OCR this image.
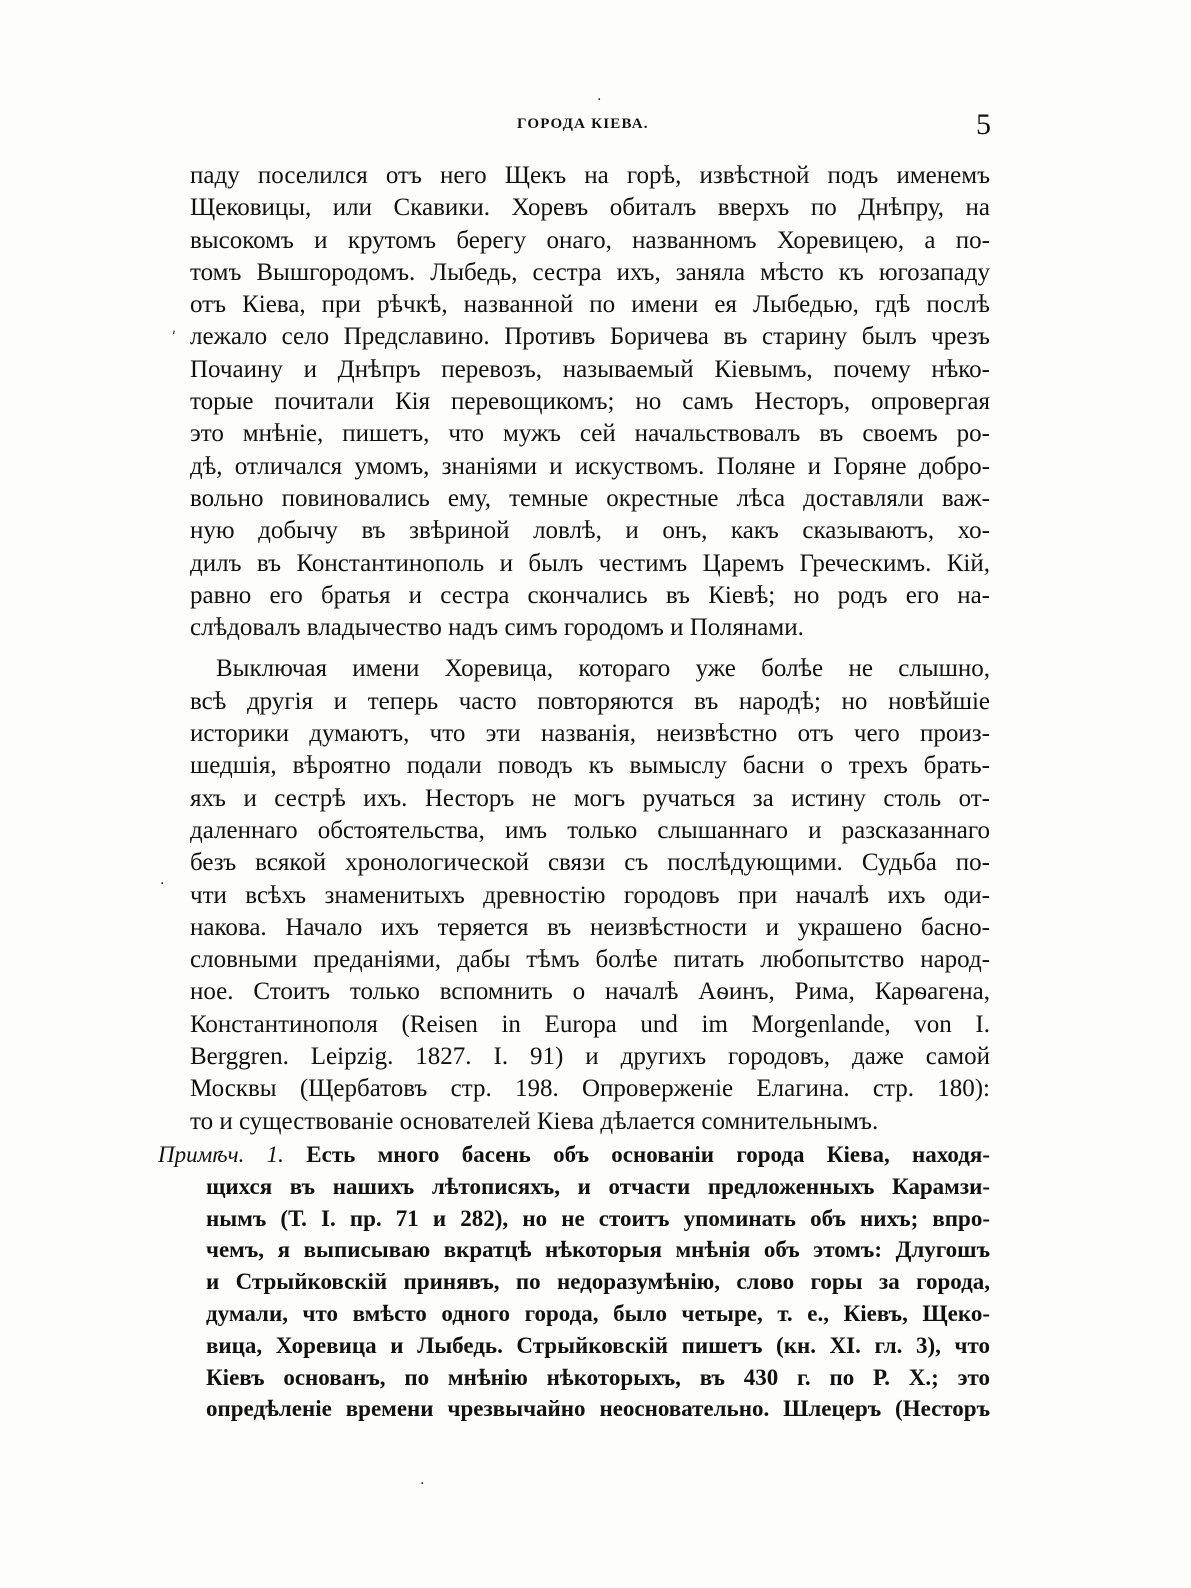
ГОРОДА КІЕВА.	5
паду поселился отъ него Щекъ на горѣ, извѣстной подъ именемъ
Щековицы, или Скавики. Хоревъ обиталъ вверхъ по Днѣпру, на
высокомъ и крутомъ берегу онаго, названномъ Хоревицею, а по-
томъ Вышгородомъ. Лыбедь, сестра ихъ, заняла мѣсто къ югозападу
отъ Кіева, при рѣчкѣ, названной по имени ея Лыбедью, гдѣ послѣ
лежало село Предславино. Противъ Боричева въ старину былъ чрезъ
Почаину и Днѣпръ перевозъ, называемый Кіевымъ, почему нѣко-
торые почитали Кія перевощикомъ; но самъ Несторъ, опровергая
это мнѣніе, пишетъ, что мужъ сей начальствовалъ въ своемъ ро-
дѣ, отличался умомъ, знаніями и искуствомъ. Поляне и Горяне добро-
вольно повиновались ему, темные окрестные лѣса доставляли важ-
ную добычу въ звѣриной ловлѣ, и онъ, какъ сказываютъ, хо-
дилъ въ Константинополь и былъ честимъ Царемъ Греческимъ. Кій,
равно его братья и сестра скончались въ Кіевѣ; но родъ его на-
слѣдовалъ владычество надъ симъ городомъ и Полянами.
Выключая имени Хоревица, котораго уже болѣе не слышно,
всѣ другія и теперь часто повторяются въ народѣ; но новѣйшіе
историки думаютъ, что эти названія, неизвѣстно отъ чего произ-
шедшія, вѣроятно подали поводъ къ вымыслу басни о трехъ брать-
яхъ и сестрѣ ихъ. Несторъ не могъ ручаться за истину столь от-
даленнаго обстоятельства, имъ только слышаннаго и разсказаннаго
безъ всякой хронологической связи съ послѣдующими. Судьба по-
чти всѣхъ знаменитыхъ древностію городовъ при началѣ ихъ оди-
накова. Начало ихъ теряется въ неизвѣстности и украшено басно-
словными преданіями, дабы тѣмъ болѣе питать любопытство народ-
ное. Стоитъ только вспомнить о началѣ Аѳинъ, Рима, Карѳагена,
Константинополя (Reisen in Europa und im Morgenlande, von I.
Berggren. Leipzig. 1827. I. 91) и другихъ городовъ, даже самой
Москвы (Щербатовъ стр. 198. Опроверженіе Елагина. стр. 180):
то и существованіе основателей Кіева дѣлается сомнительнымъ.
Примѣч. 1. Есть много басень объ основаніи города Кіева, находя-
щихся въ нашихъ лѣтописяхъ, и отчасти предложенныхъ Карамзи-
нымъ (Т. I. пр. 71 и 282), но не стоитъ упоминать объ нихъ; впро-
чемъ, я выписываю вкратцѣ нѣкоторыя мнѣнія объ этомъ: Длугошъ
и Стрыйковскій принявъ, по недоразумѣнію, слово горы за города,
думали, что вмѣсто одного города, было четыре, т. е., Кіевъ, Щеко-
вица, Хоревица и Лыбедь. Стрыйковскій пишетъ (кн. XI. гл. 3), что
Кіевъ основанъ, по мнѣнію нѣкоторыхъ, въ 430 г. по Р. Х.; это
опредѣленіе времени чрезвычайно неосновательно. Шлецеръ (Несторъ
·
ʹ
·
·
